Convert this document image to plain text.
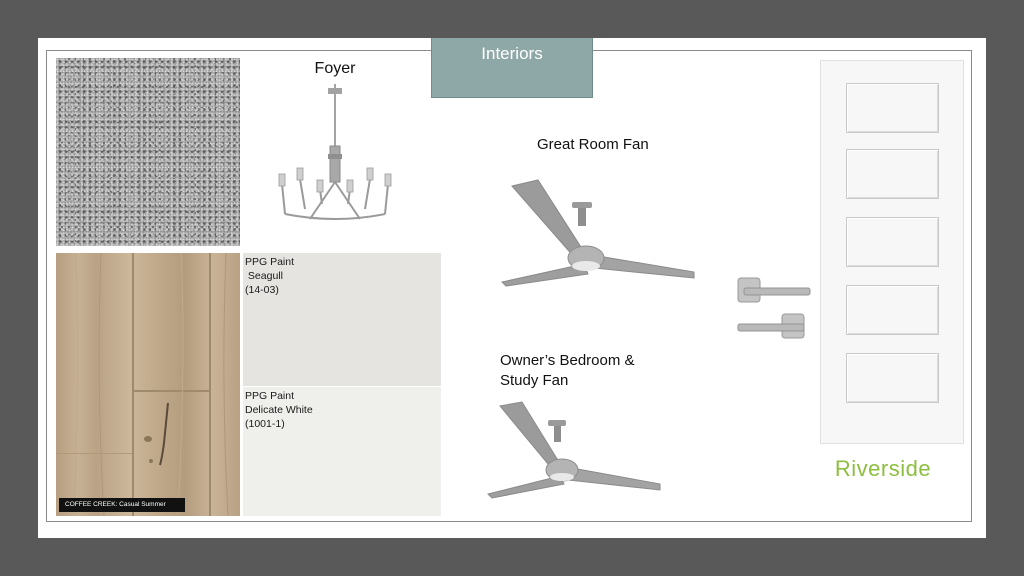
Interiors
COFFEE CREEK: Casual Summer
Foyer
PPG Paint
Seagull
(14-03)
PPG Paint
Delicate White
(1001-1)
Great Room Fan
Owner’s Bedroom &
Study Fan
Riverside
